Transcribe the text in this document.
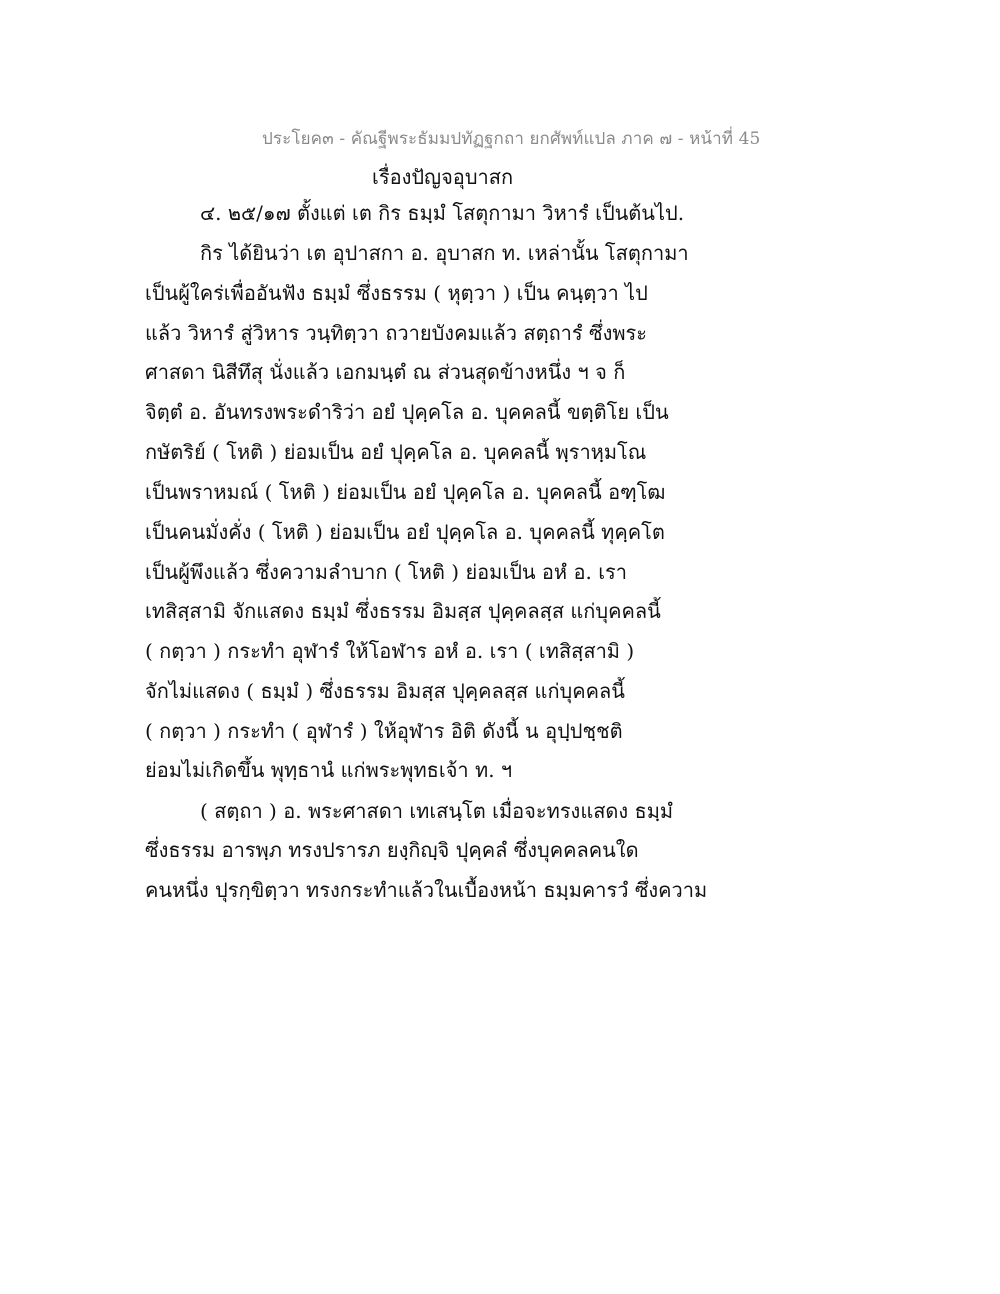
ประโยค๓ - คัณฐีพระธัมมปทัฏฐกถา ยกศัพท์แปล ภาค ๗ - หน้าที่ 45
เรื่องปัญจอุบาสก
๔. ๒๕/๑๗ ตั้งแต่ เต กิร ธมฺมํ โสตุกามา วิหารํ เป็นต้นไป.
กิร ได้ยินว่า เต อุปาสกา อ. อุบาสก ท. เหล่านั้น โสตุกามา
เป็นผู้ใคร่เพื่ออันฟัง ธมฺมํ ซึ่งธรรม ( หุตฺวา ) เป็น คนฺตฺวา ไป
แล้ว วิหารํ สู่วิหาร วนฺทิตฺวา ถวายบังคมแล้ว สตฺถารํ ซึ่งพระ
ศาสดา นิสีทึสุ นั่งแล้ว เอกมนฺตํ ณ ส่วนสุดข้างหนึ่ง ฯ จ ก็
จิตฺตํ อ. อันทรงพระดำริว่า อยํ ปุคฺคโล อ. บุคคลนี้ ขตฺติโย เป็น
กษัตริย์ ( โหติ ) ย่อมเป็น อยํ ปุคฺคโล อ. บุคคลนี้ พฺราหฺมโณ
เป็นพราหมณ์ ( โหติ ) ย่อมเป็น อยํ ปุคฺคโล อ. บุคคลนี้ อฑฺโฒ
เป็นคนมั่งคั่ง ( โหติ ) ย่อมเป็น อยํ ปุคฺคโล อ. บุคคลนี้ ทุคฺคโต
เป็นผู้พึงแล้ว ซึ่งความลำบาก ( โหติ ) ย่อมเป็น อหํ อ. เรา
เทสิสฺสามิ จักแสดง ธมฺมํ ซึ่งธรรม อิมสฺส ปุคฺคลสฺส แก่บุคคลนี้
( กตฺวา ) กระทำ อุฬารํ ให้โอฬาร อหํ อ. เรา ( เทสิสฺสามิ )
จักไม่แสดง ( ธมฺมํ ) ซึ่งธรรม อิมสฺส ปุคฺคลสฺส แก่บุคคลนี้
( กตฺวา ) กระทำ ( อุฬารํ ) ให้อุฬาร อิติ ดังนี้ น อุปฺปชฺชติ
ย่อมไม่เกิดขึ้น พุทฺธานํ แก่พระพุทธเจ้า ท. ฯ
( สตฺถา ) อ. พระศาสดา เทเสนฺโต เมื่อจะทรงแสดง ธมฺมํ
ซึ่งธรรม อารพฺภ ทรงปรารภ ยงฺกิญฺจิ ปุคฺคลํ ซึ่งบุคคลคนใด
คนหนึ่ง ปุรกฺขิตฺวา ทรงกระทำแล้วในเบื้องหน้า ธมฺมคารวํ ซึ่งความ
